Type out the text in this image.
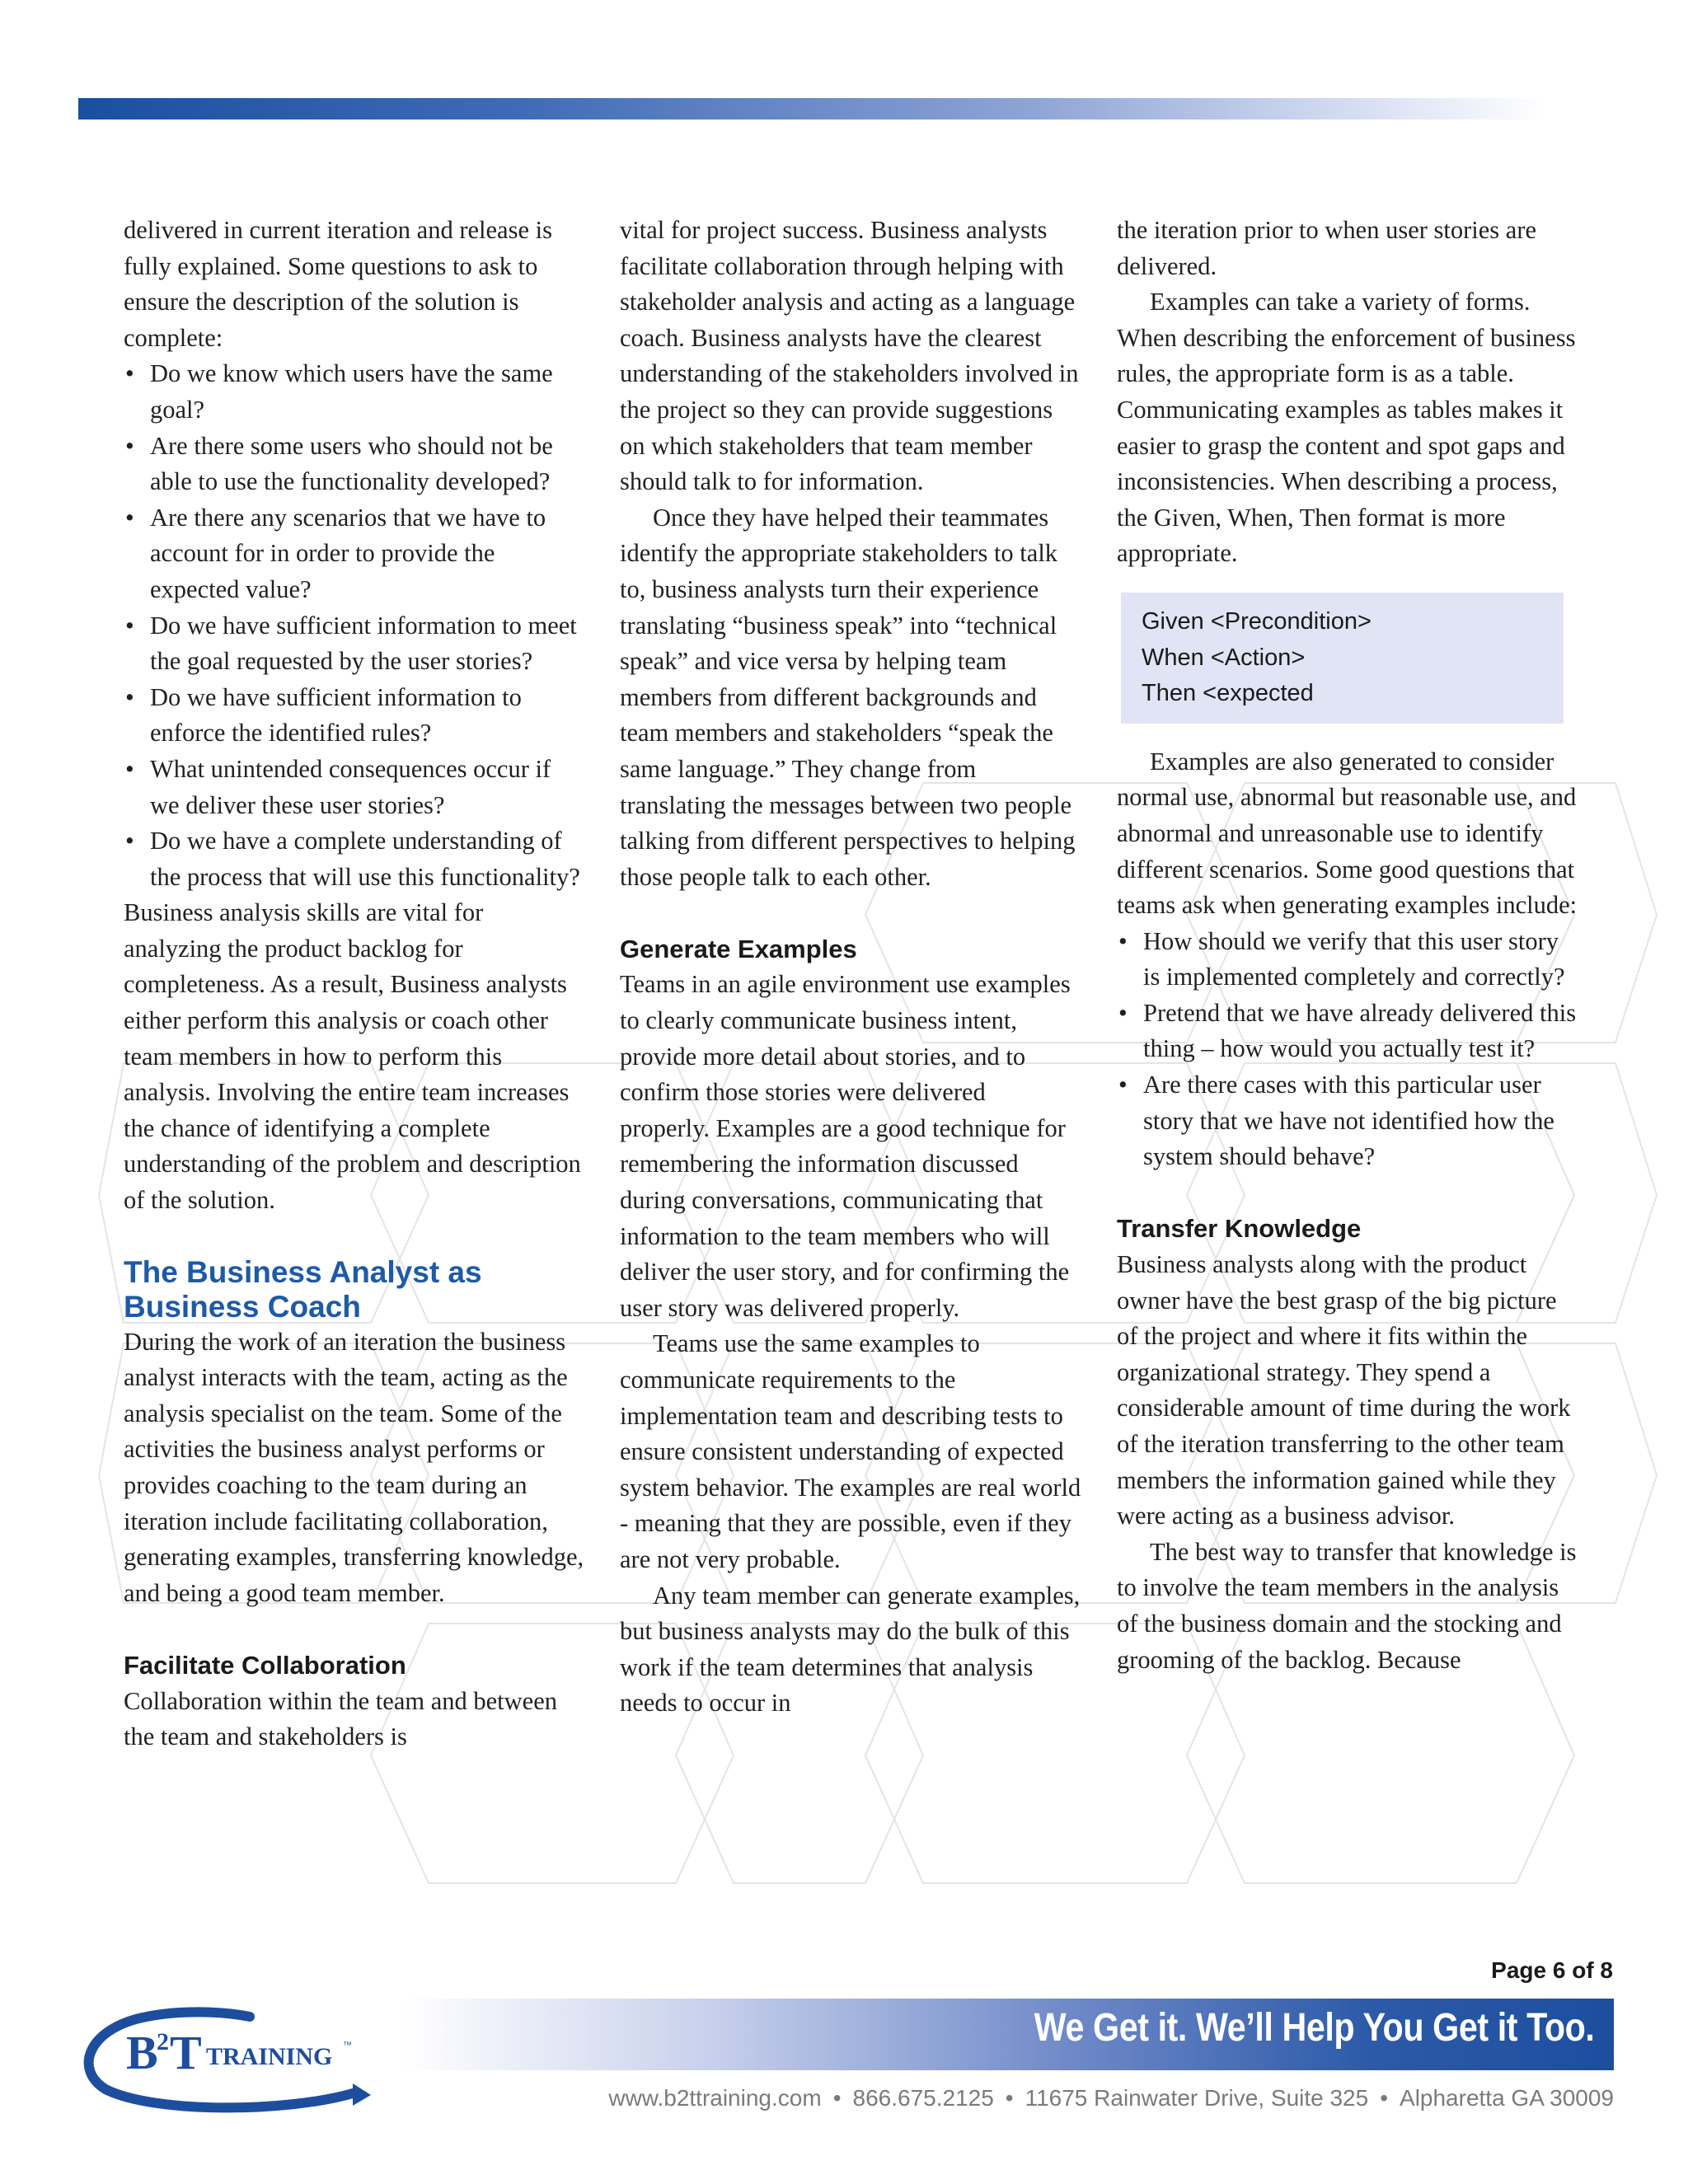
delivered in current iteration and release is fully explained. Some questions to ask to ensure the description of the solution is complete:

• Do we know which users have the same goal?
• Are there some users who should not be able to use the functionality developed?
• Are there any scenarios that we have to account for in order to provide the expected value?
• Do we have sufficient information to meet the goal requested by the user stories?
• Do we have sufficient information to enforce the identified rules?
• What unintended consequences occur if we deliver these user stories?
• Do we have a complete understanding of the process that will use this functionality?

Business analysis skills are vital for analyzing the product backlog for completeness. As a result, Business analysts either perform this analysis or coach other team members in how to perform this analysis. Involving the entire team increases the chance of identifying a complete understanding of the problem and description of the solution.

The Business Analyst as Business Coach

During the work of an iteration the business analyst interacts with the team, acting as the analysis specialist on the team. Some of the activities the business analyst performs or provides coaching to the team during an iteration include facilitating collaboration, generating examples, transferring knowledge, and being a good team member.

Facilitate Collaboration

Collaboration within the team and between the team and stakeholders is

vital for project success. Business analysts facilitate collaboration through helping with stakeholder analysis and acting as a language coach. Business analysts have the clearest understanding of the stakeholders involved in the project so they can provide suggestions on which stakeholders that team member should talk to for information.

Once they have helped their teammates identify the appropriate stakeholders to talk to, business analysts turn their experience translating “business speak” into “technical speak” and vice versa by helping team members from different backgrounds and team members and stakeholders “speak the same language.” They change from translating the messages between two people talking from different perspectives to helping those people talk to each other.

Generate Examples

Teams in an agile environment use examples to clearly communicate business intent, provide more detail about stories, and to confirm those stories were delivered properly. Examples are a good technique for remembering the information discussed during conversations, communicating that information to the team members who will deliver the user story, and for confirming the user story was delivered properly.

Teams use the same examples to communicate requirements to the implementation team and describing tests to ensure consistent understanding of expected system behavior. The examples are real world - meaning that they are possible, even if they are not very probable.

Any team member can generate examples, but business analysts may do the bulk of this work if the team determines that analysis needs to occur in

the iteration prior to when user stories are delivered.

Examples can take a variety of forms. When describing the enforcement of business rules, the appropriate form is as a table. Communicating examples as tables makes it easier to grasp the content and spot gaps and inconsistencies. When describing a process, the Given, When, Then format is more appropriate.

Given <Precondition>
When <Action>
Then <expected

Examples are also generated to consider normal use, abnormal but reasonable use, and abnormal and unreasonable use to identify different scenarios. Some good questions that teams ask when generating examples include:

• How should we verify that this user story is implemented completely and correctly?
• Pretend that we have already delivered this thing – how would you actually test it?
• Are there cases with this particular user story that we have not identified how the system should behave?
Transfer Knowledge

Business analysts along with the product owner have the best grasp of the big picture of the project and where it fits within the organizational strategy. They spend a considerable amount of time during the work of the iteration transferring to the other team members the information gained while they were acting as a business advisor.

The best way to transfer that knowledge is to involve the team members in the analysis of the business domain and the stocking and grooming of the backlog. Because

Page 6 of 8
We Get it. We’ll Help You Get it Too.
B
2 T TRAINING ™
www.b2ttraining.com • 866.675.2125 • 11675 Rainwater Drive, Suite 325 • Alpharetta GA 30009
